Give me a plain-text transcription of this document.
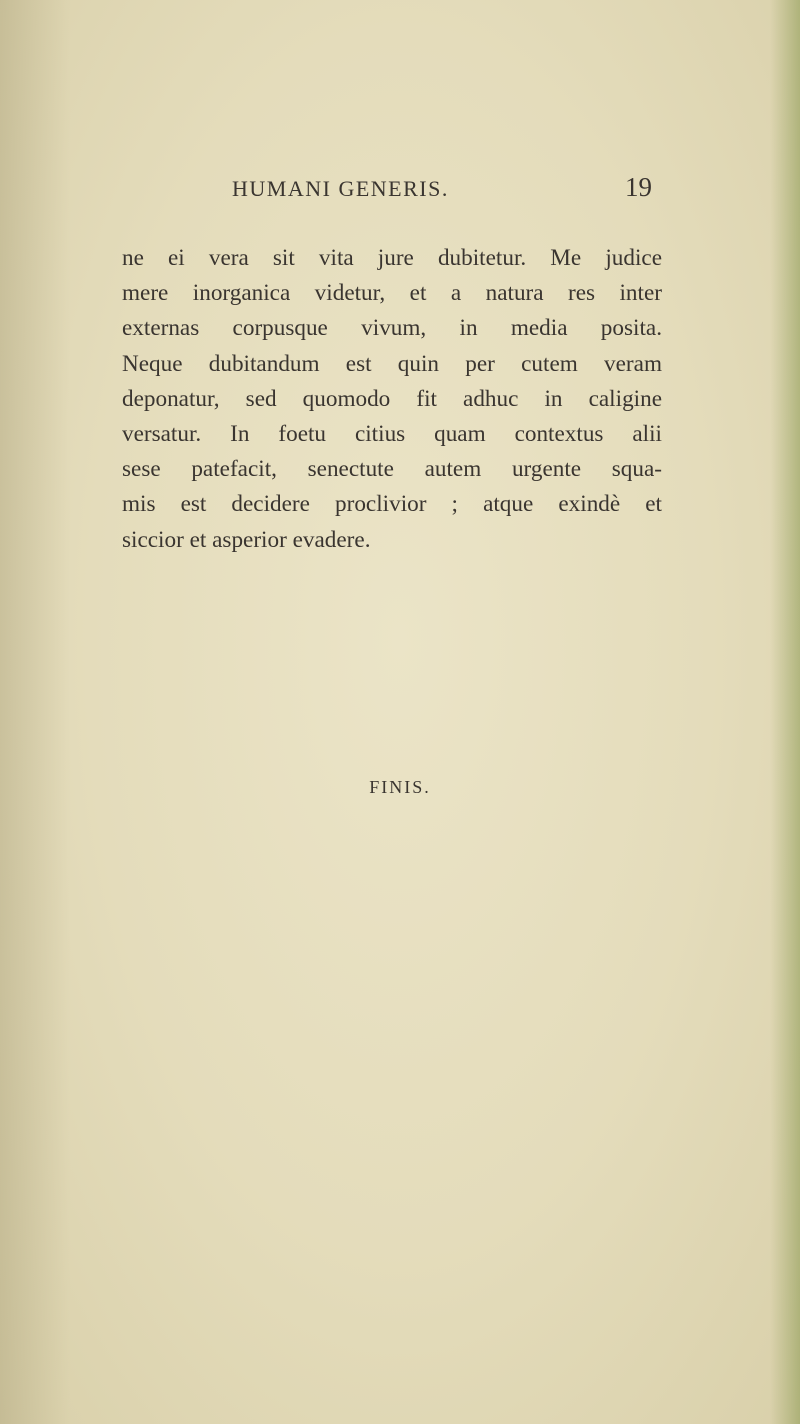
HUMANI GENERIS.	19
ne ei vera sit vita jure dubitetur. Me judice
mere inorganica videtur, et a natura res inter
externas corpusque vivum, in media posita.
Neque dubitandum est quin per cutem veram
deponatur, sed quomodo fit adhuc in caligine
versatur. In foetu citius quam contextus alii
sese patefacit, senectute autem urgente squa-
mis est decidere proclivior ; atque exindè et
siccior et asperior evadere.
FINIS.
